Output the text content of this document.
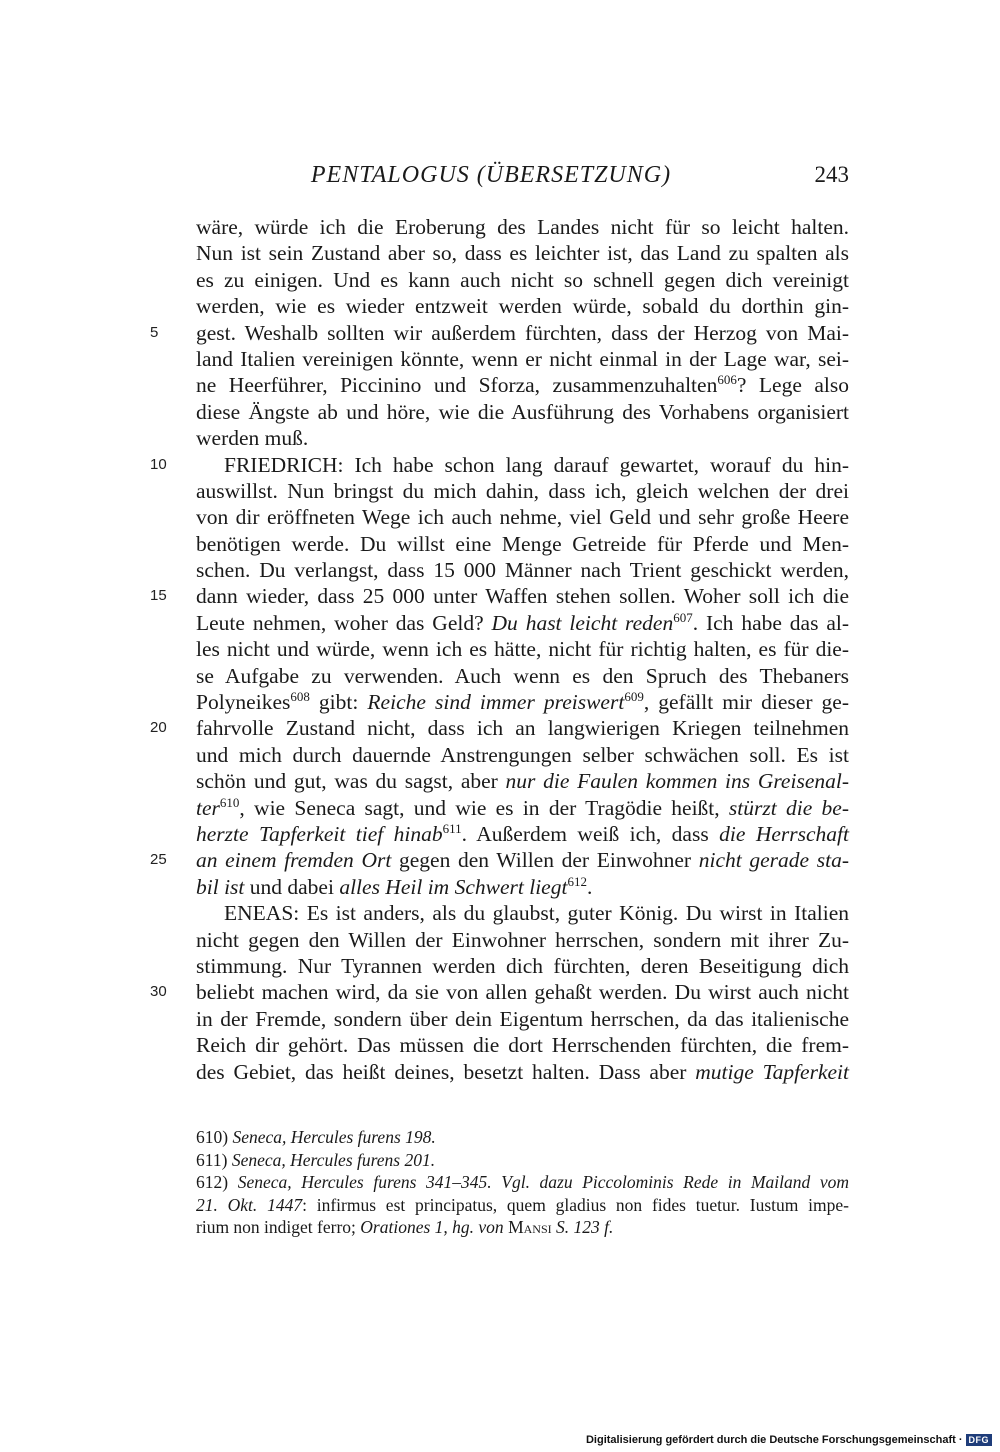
PENTALOGUS (ÜBERSETZUNG)	243
wäre, würde ich die Eroberung des Landes nicht für so leicht halten.
Nun ist sein Zustand aber so, dass es leichter ist, das Land zu spalten als
es zu einigen. Und es kann auch nicht so schnell gegen dich vereinigt
werden, wie es wieder entzweit werden würde, sobald du dorthin gin-
5	gest. Weshalb sollten wir außerdem fürchten, dass der Herzog von Mai-
land Italien vereinigen könnte, wenn er nicht einmal in der Lage war, sei-
ne Heerführer, Piccinino und Sforza, zusammenzuhalten$^{606}$? Lege also
diese Ängste ab und höre, wie die Ausführung des Vorhabens organisiert
werden muß.
10	FRIEDRICH: Ich habe schon lang darauf gewartet, worauf du hin-
auswillst. Nun bringst du mich dahin, dass ich, gleich welchen der drei
von dir eröffneten Wege ich auch nehme, viel Geld und sehr große Heere
benötigen werde. Du willst eine Menge Getreide für Pferde und Men-
schen. Du verlangst, dass 15 000 Männer nach Trient geschickt werden,
15	dann wieder, dass 25 000 unter Waffen stehen sollen. Woher soll ich die
Leute nehmen, woher das Geld? Du hast leicht reden$^{607}$. Ich habe das al-
les nicht und würde, wenn ich es hätte, nicht für richtig halten, es für die-
se Aufgabe zu verwenden. Auch wenn es den Spruch des Thebaners
Polyneikes$^{608}$ gibt: Reiche sind immer preiswert$^{609}$, gefällt mir dieser ge-
20	fahrvolle Zustand nicht, dass ich an langwierigen Kriegen teilnehmen
und mich durch dauernde Anstrengungen selber schwächen soll. Es ist
schön und gut, was du sagst, aber nur die Faulen kommen ins Greisenal-
ter$^{610}$, wie Seneca sagt, und wie es in der Tragödie heißt, stürzt die be-
herzte Tapferkeit tief hinab$^{611}$. Außerdem weiß ich, dass die Herrschaft
25	an einem fremden Ort gegen den Willen der Einwohner nicht gerade sta-
bil ist und dabei alles Heil im Schwert liegt$^{612}$.
ENEAS: Es ist anders, als du glaubst, guter König. Du wirst in Italien
nicht gegen den Willen der Einwohner herrschen, sondern mit ihrer Zu-
stimmung. Nur Tyrannen werden dich fürchten, deren Beseitigung dich
30	beliebt machen wird, da sie von allen gehaßt werden. Du wirst auch nicht
in der Fremde, sondern über dein Eigentum herrschen, da das italienische
Reich dir gehört. Das müssen die dort Herrschenden fürchten, die frem-
des Gebiet, das heißt deines, besetzt halten. Dass aber mutige Tapferkeit
610) Seneca, Hercules furens 198.
611) Seneca, Hercules furens 201.
612) Seneca, Hercules furens 341–345. Vgl. dazu Piccolominis Rede in Mailand vom
21. Okt. 1447: infirmus est principatus, quem gladius non fides tuetur. Iustum impe-
rium non indiget ferro; Orationes 1, hg. von Mansi S. 123 f.
Digitalisierung gefördert durch die Deutsche Forschungsgemeinschaft · DFG
